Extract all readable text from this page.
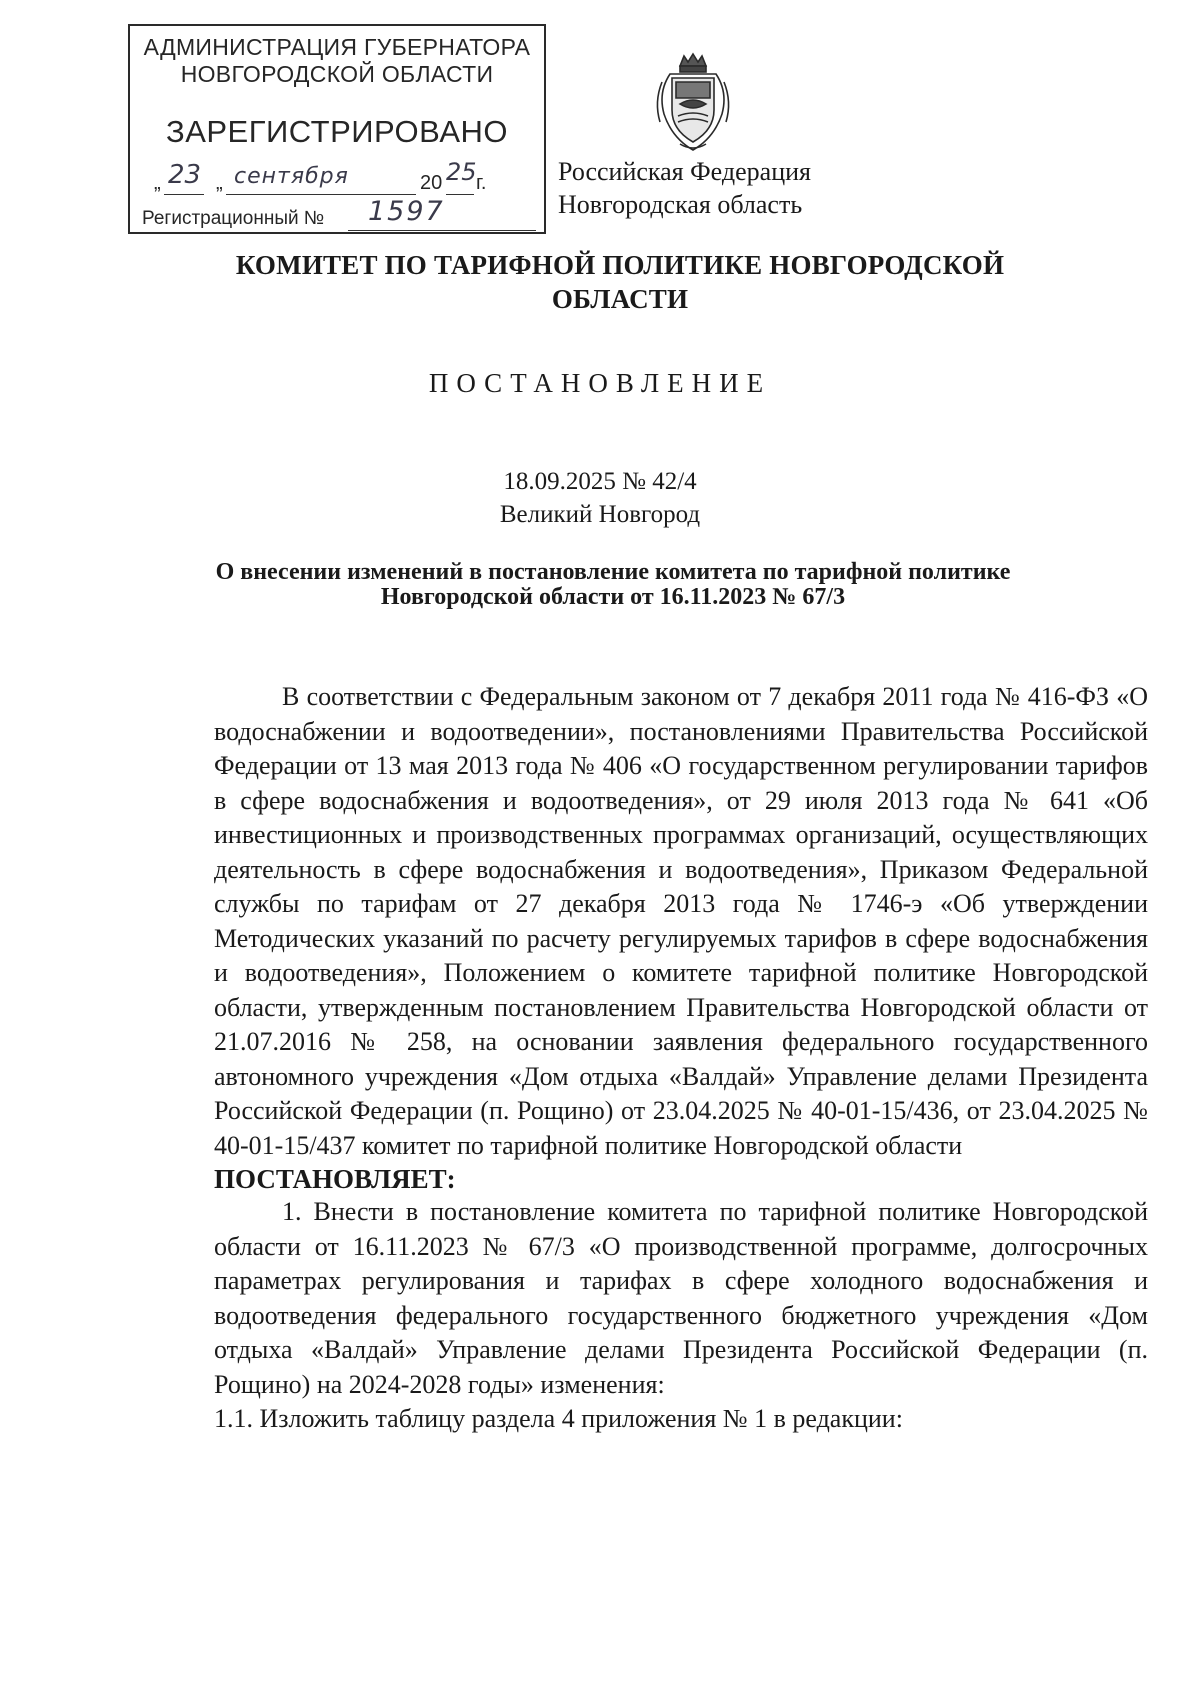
АДМИНИСТРАЦИЯ ГУБЕРНАТОРА
НОВГОРОДСКОЙ ОБЛАСТИ
ЗАРЕГИСТРИРОВАНО
„ 23 „ сентября	20 25 г.
Регистрационный № 1597
Российская Федерация
Новгородская область
КОМИТЕТ ПО ТАРИФНОЙ ПОЛИТИКЕ НОВГОРОДСКОЙ
ОБЛАСТИ
ПОСТАНОВЛЕНИЕ
18.09.2025 № 42/4
Великий Новгород
О внесении изменений в постановление комитета по тарифной политике
Новгородской области от 16.11.2023 № 67/3

В соответствии с Федеральным законом от 7 декабря 2011 года № 416-ФЗ «О водоснабжении и водоотведении», постановлениями Правительства Российской Федерации от 13 мая 2013 года № 406 «О государственном регулировании тарифов в сфере водоснабжения и водоотведения», от 29 июля 2013 года № 641 «Об инвестиционных и производственных программах организаций, осуществляющих деятельность в сфере водоснабжения и водоотведения», Приказом Федеральной службы по тарифам от 27 декабря 2013 года № 1746-э «Об утверждении Методических указаний по расчету регулируемых тарифов в сфере водоснабжения и водоотведения», Положением о комитете тарифной политике Новгородской области, утвержденным постановлением Правительства Новгородской области от 21.07.2016 № 258, на основании заявления федерального государственного автономного учреждения «Дом отдыха «Валдай» Управление делами Президента Российской Федерации (п. Рощино) от 23.04.2025 № 40-01-15/436, от 23.04.2025 № 40-01-15/437 комитет по тарифной политике Новгородской области

ПОСТАНОВЛЯЕТ:

1. Внести в постановление комитета по тарифной политике Новгородской области от 16.11.2023 № 67/3 «О производственной программе, долгосрочных параметрах регулирования и тарифах в сфере холодного водоснабжения и водоотведения федерального государственного бюджетного учреждения «Дом отдыха «Валдай» Управление делами Президента Российской Федерации (п. Рощино) на 2024-2028 годы» изменения:

1.1. Изложить таблицу раздела 4 приложения № 1 в редакции:
